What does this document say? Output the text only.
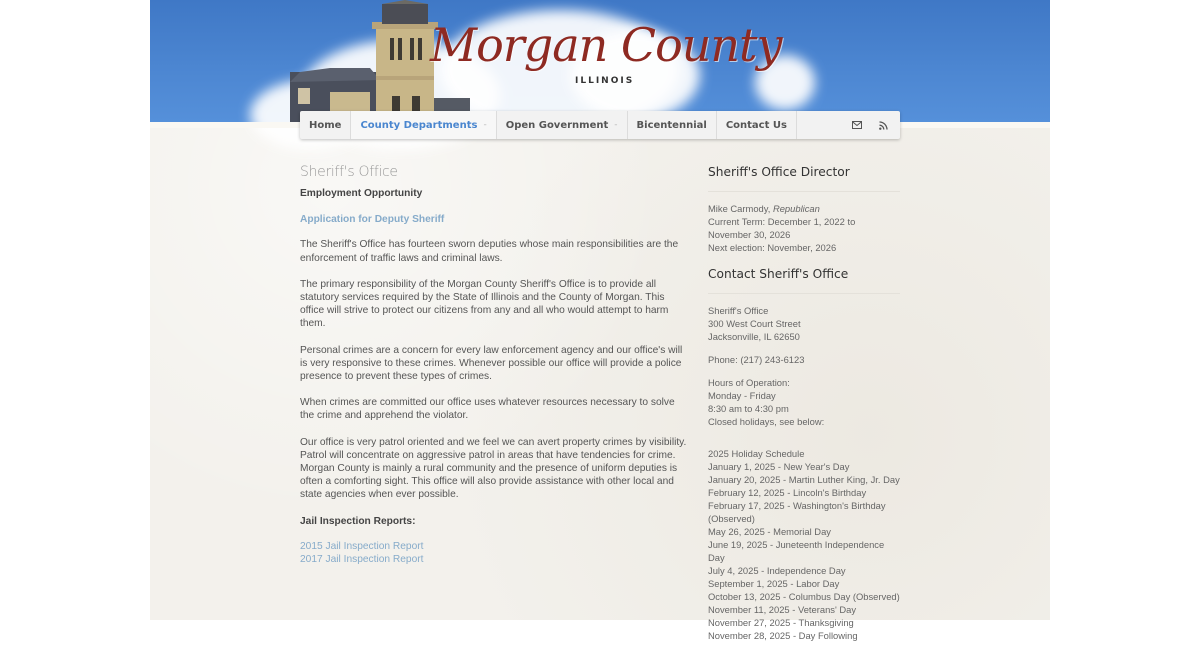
Morgan County
ILLINOIS
Home County Departments - Open Government - Bicentennial Contact Us
Sheriff's Office

Employment Opportunity

Application for Deputy Sheriff

The Sheriff's Office has fourteen sworn deputies whose main responsibilities are the enforcement of traffic laws and criminal laws.

The primary responsibility of the Morgan County Sheriff's Office is to provide all statutory services required by the State of Illinois and the County of Morgan. This office will strive to protect our citizens from any and all who would attempt to harm them.

Personal crimes are a concern for every law enforcement agency and our office's will is very responsive to these crimes. Whenever possible our office will provide a police presence to prevent these types of crimes.

When crimes are committed our office uses whatever resources necessary to solve the crime and apprehend the violator.

Our office is very patrol oriented and we feel we can avert property crimes by visibility. Patrol will concentrate on aggressive patrol in areas that have tendencies for crime. Morgan County is mainly a rural community and the presence of uniform deputies is often a comforting sight. This office will also provide assistance with other local and state agencies when ever possible.

Jail Inspection Reports:

2015 Jail Inspection Report
2017 Jail Inspection Report
Sheriff's Office Director

Mike Carmody, Republican
Current Term: December 1, 2022 to
November 30, 2026
Next election: November, 2026

Contact Sheriff's Office

Sheriff's Office
300 West Court Street
Jacksonville, IL 62650

Phone: (217) 243-6123

Hours of Operation:
Monday - Friday
8:30 am to 4:30 pm
Closed holidays, see below:

2025 Holiday Schedule
January 1, 2025 - New Year's Day
January 20, 2025 - Martin Luther King, Jr. Day
February 12, 2025 - Lincoln's Birthday
February 17, 2025 - Washington's Birthday (Observed)
May 26, 2025 - Memorial Day
June 19, 2025 - Juneteenth Independence Day
July 4, 2025 - Independence Day
September 1, 2025 - Labor Day
October 13, 2025 - Columbus Day (Observed)
November 11, 2025 - Veterans' Day
November 27, 2025 - Thanksgiving
November 28, 2025 - Day Following
